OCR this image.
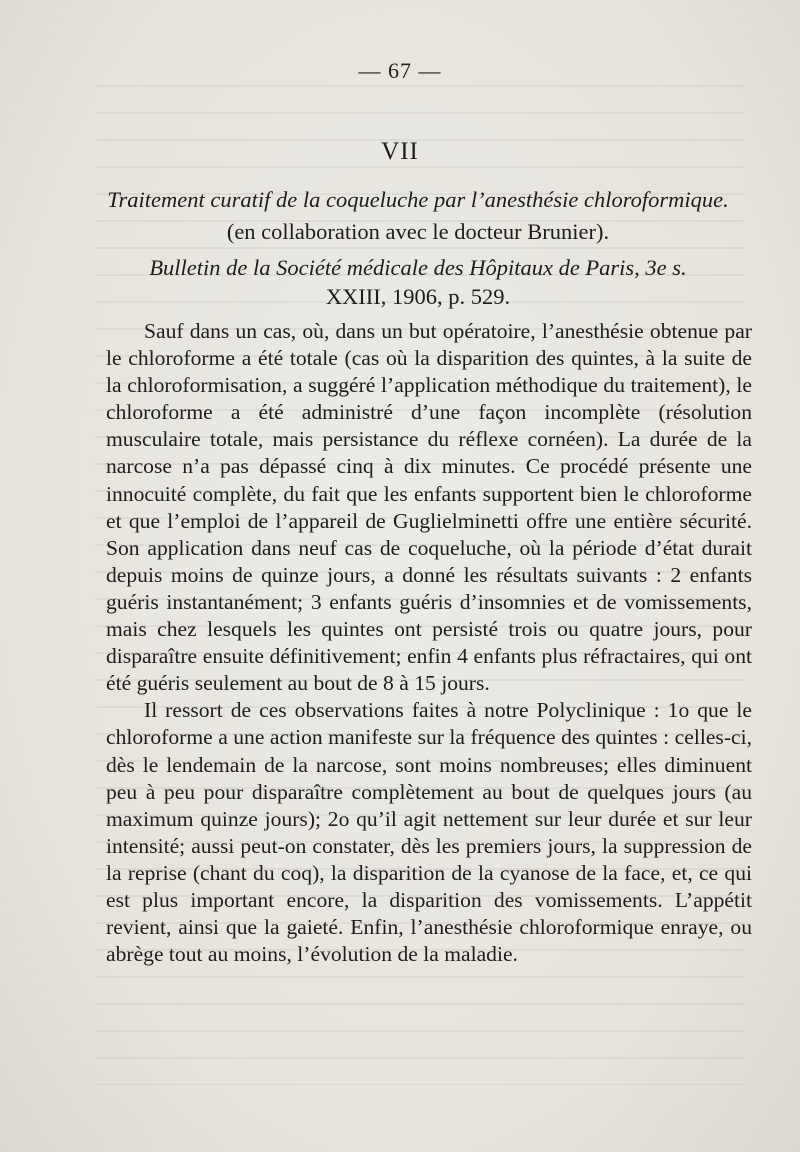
— 67 —
VII
Traitement curatif de la coqueluche par l’anesthésie chloroformique.
(en collaboration avec le docteur Brunier).
Bulletin de la Société médicale des Hôpitaux de Paris, 3e s.
XXIII, 1906, p. 529.

Sauf dans un cas, où, dans un but opératoire, l’anesthésie obtenue par le chloroforme a été totale (cas où la disparition des quintes, à la suite de la chloroformisation, a suggéré l’application méthodique du traitement), le chloroforme a été administré d’une façon incomplète (résolution musculaire totale, mais persistance du réflexe cornéen). La durée de la narcose n’a pas dépassé cinq à dix minutes. Ce procédé présente une innocuité complète, du fait que les enfants supportent bien le chloroforme et que l’emploi de l’appareil de Guglielminetti offre une entière sécurité. Son application dans neuf cas de coqueluche, où la période d’état durait depuis moins de quinze jours, a donné les résultats suivants : 2 enfants guéris instantanément; 3 enfants guéris d’insomnies et de vomissements, mais chez lesquels les quintes ont persisté trois ou quatre jours, pour disparaître ensuite définitivement; enfin 4 enfants plus réfractaires, qui ont été guéris seulement au bout de 8 à 15 jours.

Il ressort de ces observations faites à notre Polyclinique : 1o que le chloroforme a une action manifeste sur la fréquence des quintes : celles-ci, dès le lendemain de la narcose, sont moins nombreuses; elles diminuent peu à peu pour disparaître complètement au bout de quelques jours (au maximum quinze jours); 2o qu’il agit nettement sur leur durée et sur leur intensité; aussi peut-on constater, dès les premiers jours, la suppression de la reprise (chant du coq), la disparition de la cyanose de la face, et, ce qui est plus important encore, la disparition des vomissements. L’appétit revient, ainsi que la gaieté. Enfin, l’anesthésie chloroformique enraye, ou abrège tout au moins, l’évolution de la maladie.
